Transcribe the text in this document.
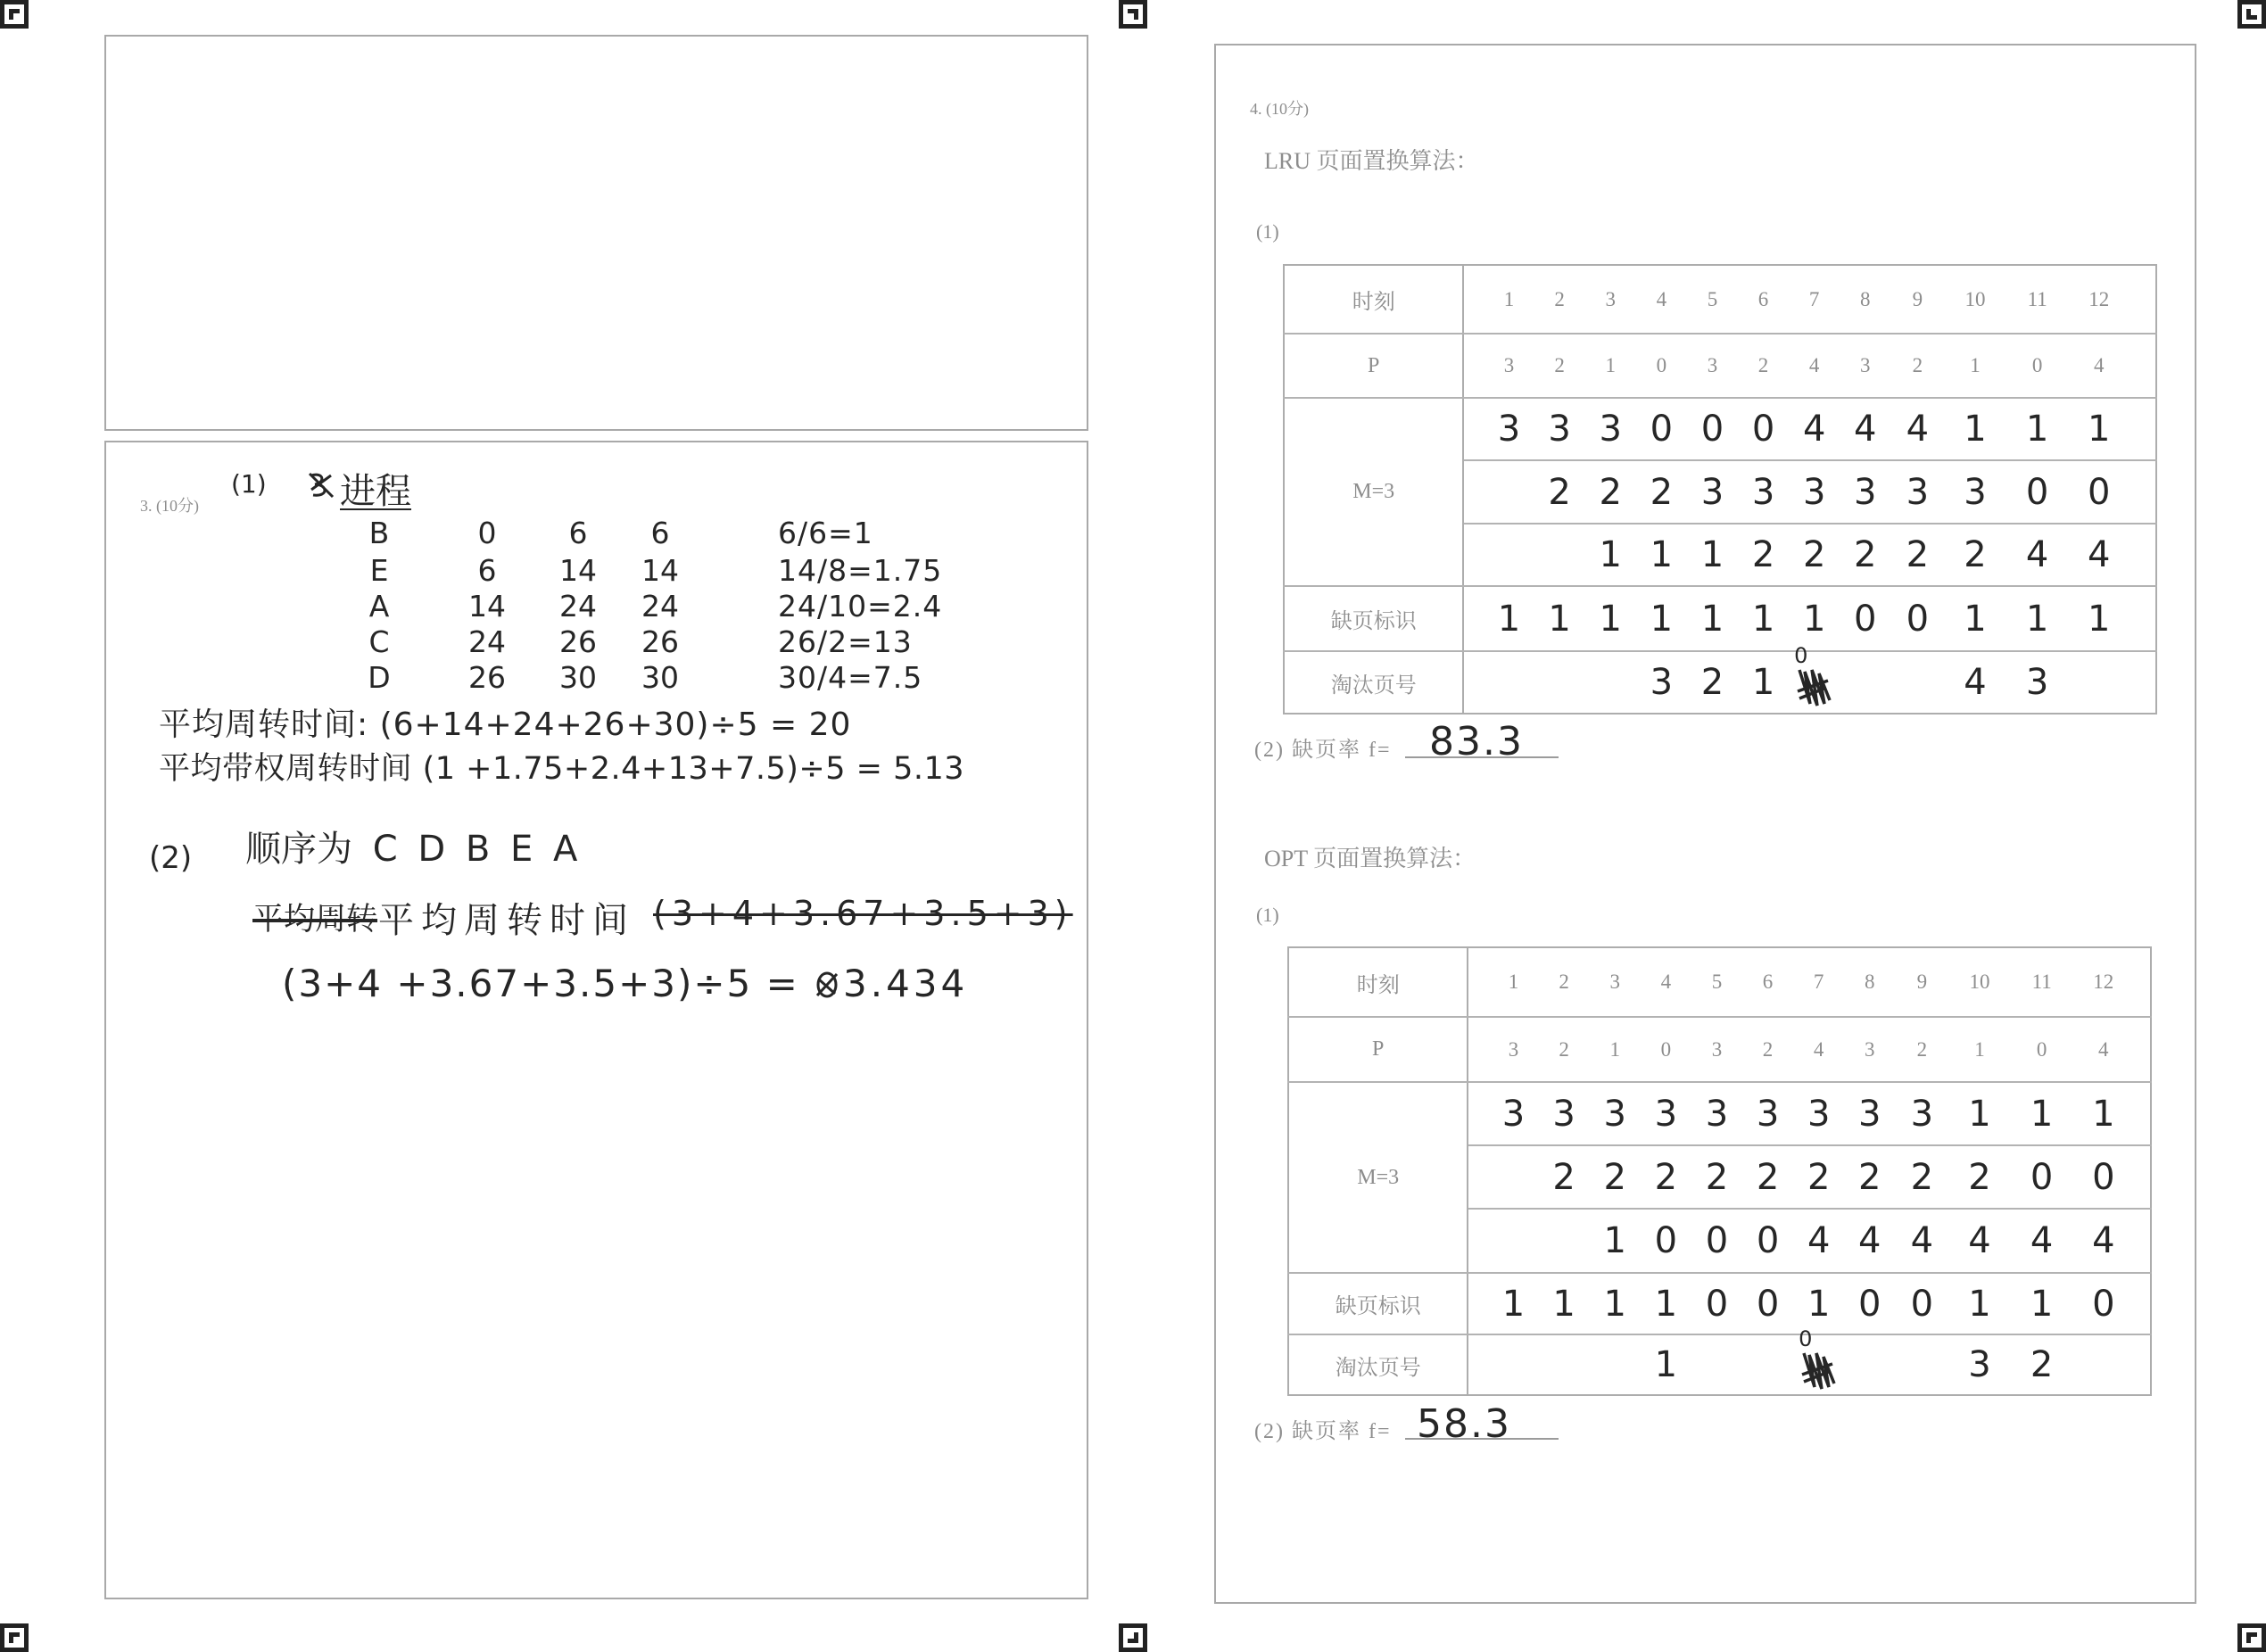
3. (10分)
(1) 进程
B	0	6	6	6/6=1
E	6	14	14	14/8=1.75
A	14	24	24	24/10=2.4
C	24	26	26	26/2=13
D	26	30	30	30/4=7.5
平均周转时间: (6+14+24+26+30)÷5 = 20
平均带权周转时间 (1 +1.75+2.4+13+7.5)÷5 = 5.13
(2) 顺序为 C D B E A
平均周转 平均周转时间 (3+4+3.67+3.5+3)
(3+4 +3.67+3.5+3)÷5 = 3.434
4. (10分)
LRU 页面置换算法：
(1)
时刻		1	2	3	4	5	6	7	8	9	10	11	12	
P		3	2	1	0	3	2	4	3	2	1	0	4	
M=3		3	3	3	0	0	0	4	4	4	1	1	1	
			2	2	2	3	3	3	3	3	3	0	0	
				1	1	1	2	2	2	2	2	4	4	
缺页标识		1	1	1	1	1	1	1	0	0	1	1	1	
淘汰页号					3	2	1	0			4	3		
(2) 缺页率 f= 83.3
OPT 页面置换算法：
(1)
时刻		1	2	3	4	5	6	7	8	9	10	11	12	
P		3	2	1	0	3	2	4	3	2	1	0	4	
M=3		3	3	3	3	3	3	3	3	3	1	1	1	
			2	2	2	2	2	2	2	2	2	0	0	
				1	0	0	0	4	4	4	4	4	4	
缺页标识		1	1	1	1	0	0	1	0	0	1	1	0	
淘汰页号					1			0			3	2		
(2) 缺页率 f= 58.3
